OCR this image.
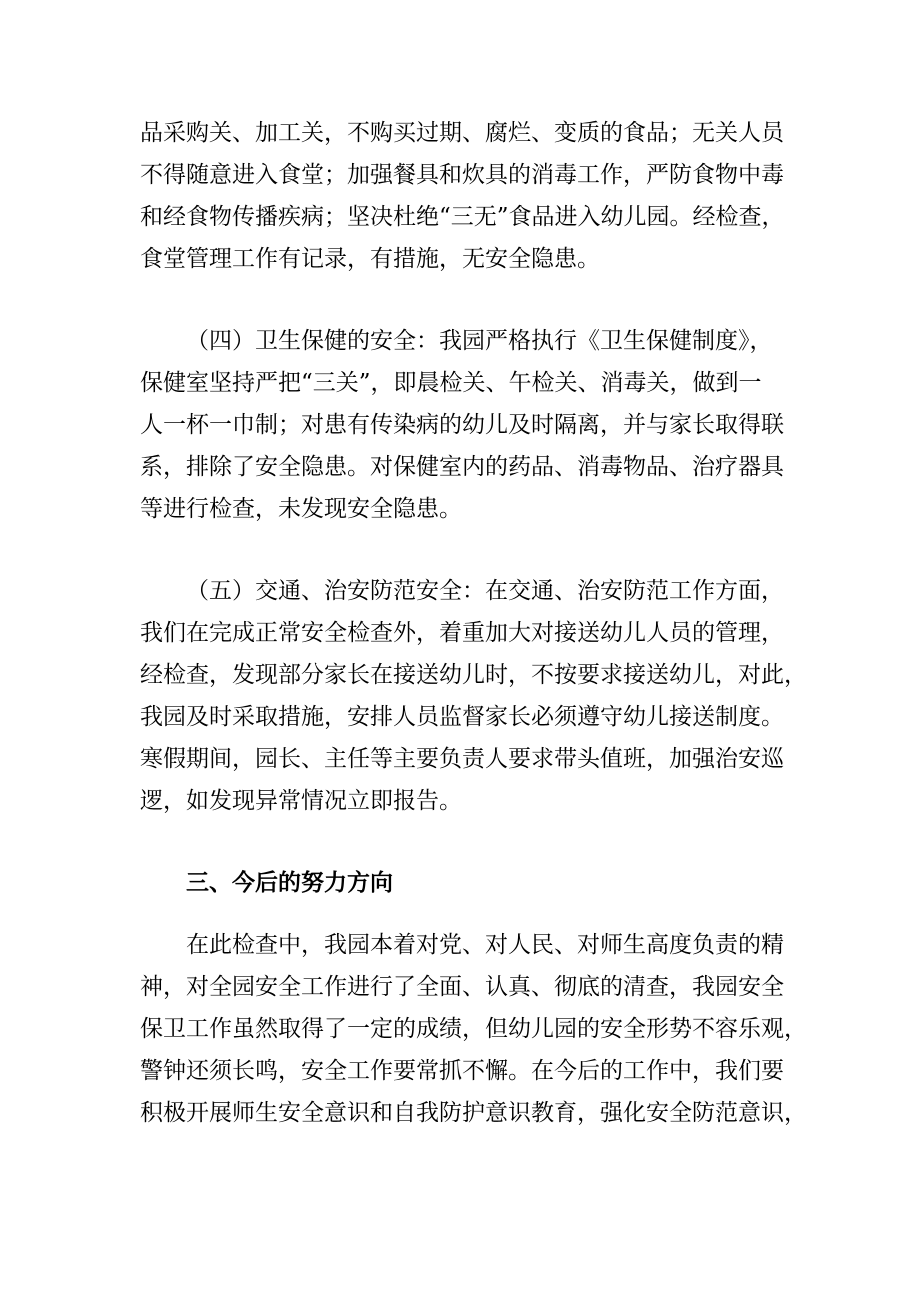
品采购关、加工关，不购买过期、腐烂、变质的食品；无关人员
不得随意进入食堂；加强餐具和炊具的消毒工作，严防食物中毒
和经食物传播疾病；坚决杜绝“三无”食品进入幼儿园。经检查，
食堂管理工作有记录，有措施，无安全隐患。
（四）卫生保健的安全：我园严格执行《卫生保健制度》，
保健室坚持严把“三关”，即晨检关、午检关、消毒关，做到一
人一杯一巾制；对患有传染病的幼儿及时隔离，并与家长取得联
系，排除了安全隐患。对保健室内的药品、消毒物品、治疗器具
等进行检查，未发现安全隐患。
（五）交通、治安防范安全：在交通、治安防范工作方面，
我们在完成正常安全检查外，着重加大对接送幼儿人员的管理，
经检查，发现部分家长在接送幼儿时，不按要求接送幼儿，对此，
我园及时采取措施，安排人员监督家长必须遵守幼儿接送制度。
寒假期间，园长、主任等主要负责人要求带头值班，加强治安巡
逻，如发现异常情况立即报告。
三、今后的努力方向
在此检查中，我园本着对党、对人民、对师生高度负责的精
神，对全园安全工作进行了全面、认真、彻底的清查，我园安全
保卫工作虽然取得了一定的成绩，但幼儿园的安全形势不容乐观，
警钟还须长鸣，安全工作要常抓不懈。在今后的工作中，我们要
积极开展师生安全意识和自我防护意识教育，强化安全防范意识，
